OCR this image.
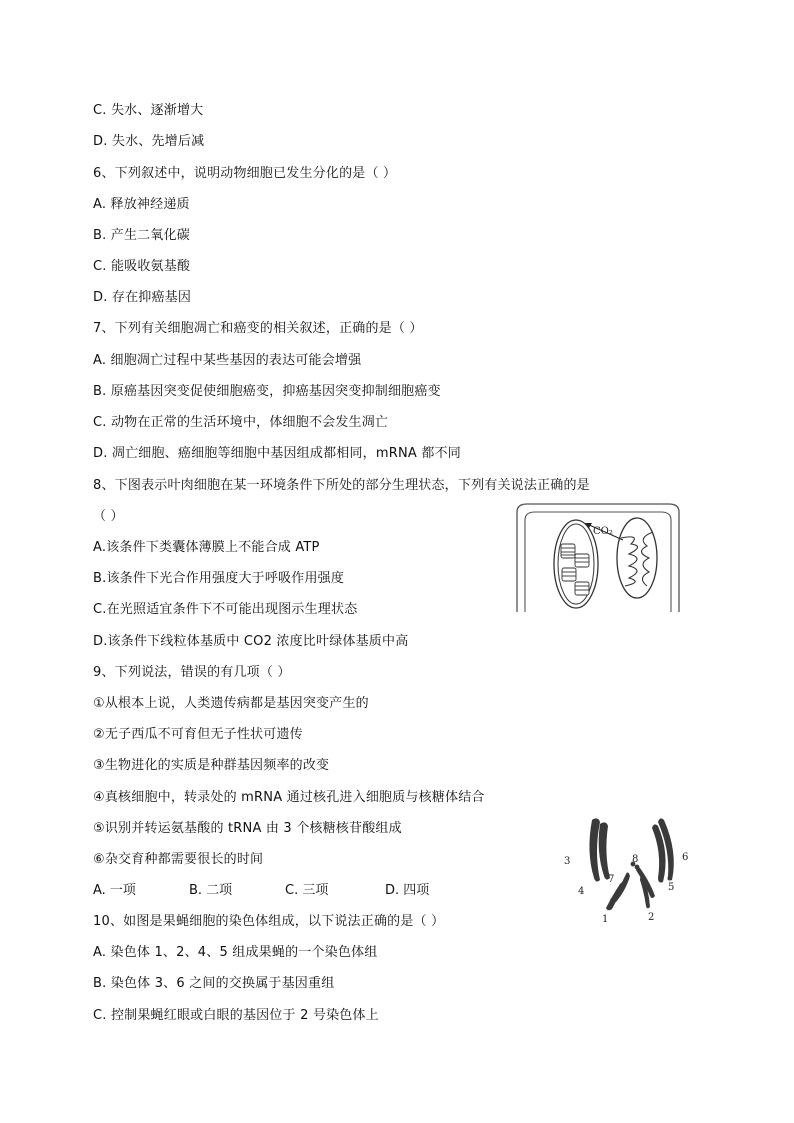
C. 失水、逐渐增大
D. 失水、先增后减
6、下列叙述中，说明动物细胞已发生分化的是（ ）
A. 释放神经递质
B. 产生二氧化碳
C. 能吸收氨基酸
D. 存在抑癌基因
7、下列有关细胞凋亡和癌变的相关叙述，正确的是（ ）
A. 细胞凋亡过程中某些基因的表达可能会增强
B. 原癌基因突变促使细胞癌变，抑癌基因突变抑制细胞癌变
C. 动物在正常的生活环境中，体细胞不会发生凋亡
D. 凋亡细胞、癌细胞等细胞中基因组成都相同，mRNA 都不同
8、下图表示叶肉细胞在某一环境条件下所处的部分生理状态，下列有关说法正确的是
（ ）
A.该条件下类囊体薄膜上不能合成 ATP
B.该条件下光合作用强度大于呼吸作用强度
C.在光照适宜条件下不可能出现图示生理状态
D.该条件下线粒体基质中 CO2 浓度比叶绿体基质中高
9、下列说法，错误的有几项（ ）
①从根本上说，人类遗传病都是基因突变产生的
②无子西瓜不可育但无子性状可遗传
③生物进化的实质是种群基因频率的改变
④真核细胞中，转录处的 mRNA 通过核孔进入细胞质与核糖体结合
⑤识别并转运氨基酸的 tRNA 由 3 个核糖核苷酸组成
⑥杂交育种都需要很长的时间
A. 一项	B. 二项	C. 三项	D. 四项
10、如图是果蝇细胞的染色体组成，以下说法正确的是（ ）
A. 染色体 1、2、4、5 组成果蝇的一个染色体组
B. 染色体 3、6 之间的交换属于基因重组
C. 控制果蝇红眼或白眼的基因位于 2 号染色体上
CO₂
1	2
3
4	5
6
7
8
